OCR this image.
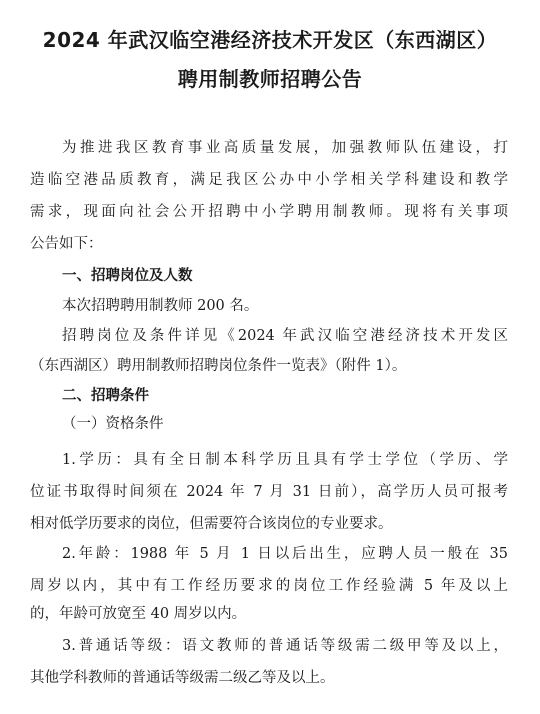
2024 年武汉临空港经济技术开发区（东西湖区）
聘用制教师招聘公告
为推进我区教育事业高质量发展，加强教师队伍建设，打
造临空港品质教育，满足我区公办中小学相关学科建设和教学
需求，现面向社会公开招聘中小学聘用制教师。现将有关事项
公告如下：
一、招聘岗位及人数
本次招聘聘用制教师 200 名。
招聘岗位及条件详见《2024 年武汉临空港经济技术开发区
（东西湖区）聘用制教师招聘岗位条件一览表》（附件 1）。
二、招聘条件
（一）资格条件
1.学历：具有全日制本科学历且具有学士学位（学历、学
位证书取得时间须在 2024 年 7 月 31 日前），高学历人员可报考
相对低学历要求的岗位，但需要符合该岗位的专业要求。
2.年龄：1988 年 5 月 1 日以后出生，应聘人员一般在 35
周岁以内，其中有工作经历要求的岗位工作经验满 5 年及以上
的，年龄可放宽至 40 周岁以内。
3.普通话等级：语文教师的普通话等级需二级甲等及以上，
其他学科教师的普通话等级需二级乙等及以上。
